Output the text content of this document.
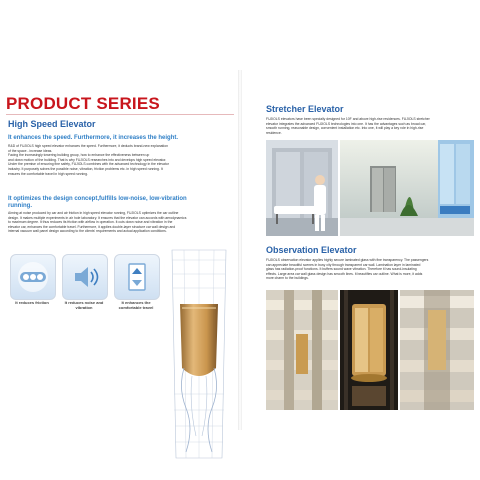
PRODUCT SERIES
High Speed Elevator
It enhances the speed. Furthermore, it increases the height.
R&D of FUJIOLS high speed elevator enhances the speed. Furthermore, it deducts brand-new explanation
of the space - increase ideas.
Facing the increasingly towering building group, how to enhance the effectiveness between up
and down motion of the building. That is why FUJIOLS researches into and develops high speed elevator.
Under the premise of ensuring fine safety, FUJIOLS combines with the advanced technology in the elevator
industry. It purposely solves the possible noise, vibration, friction problems etc. in high speed running. It
ensures the comfortable travel in high speed running.
It optimizes the design concept,fulfills low-noise, low-vibration running.
Aiming at noise produced by car and air friction in high speed elevator running, FUJIOLS optimizes the car outline
design. It makes multiple experiments in air hole laboratory. It ensures that the elevator can accords with aerodynamics
to maximum degree. It thus reduces its friction with airflow in operation. It cuts down noise and vibration in the
elevator car, enhances the comfortable travel. Furthermore, it applies double-layer structure car wall design and
internal vacuum wall panel design according to the clients' requirements and actual application conditions.
It reduces friction	It reduces noise and vibration
It enhances the comfortable travel
Stretcher Elevator
FUJIOLS elevators have been specially designed for 10F and above high-rise residences. FUJIOLS stretcher
elevator integrates the advanced FUJIOLS technologies into one. It has the advantages such as broad car,
smooth running, reasonable design, convenient installation etc. Into one, it will play a key role in high-rise
residence.
Observation Elevator
FUJIOLS observation elevator applies highly secure laminated glass with fine transparency. The passengers
can appreciate beautiful scenes in busy city through transparent car wall. Lamination layer in laminated
glass has radiation-proof functions. It buffers sound wave vibration. Therefore it has sound-insulating
effects. Large area car wall glass design has smooth lines. It beautifies car outline. What is more, it adds
more charm to the buildings.
